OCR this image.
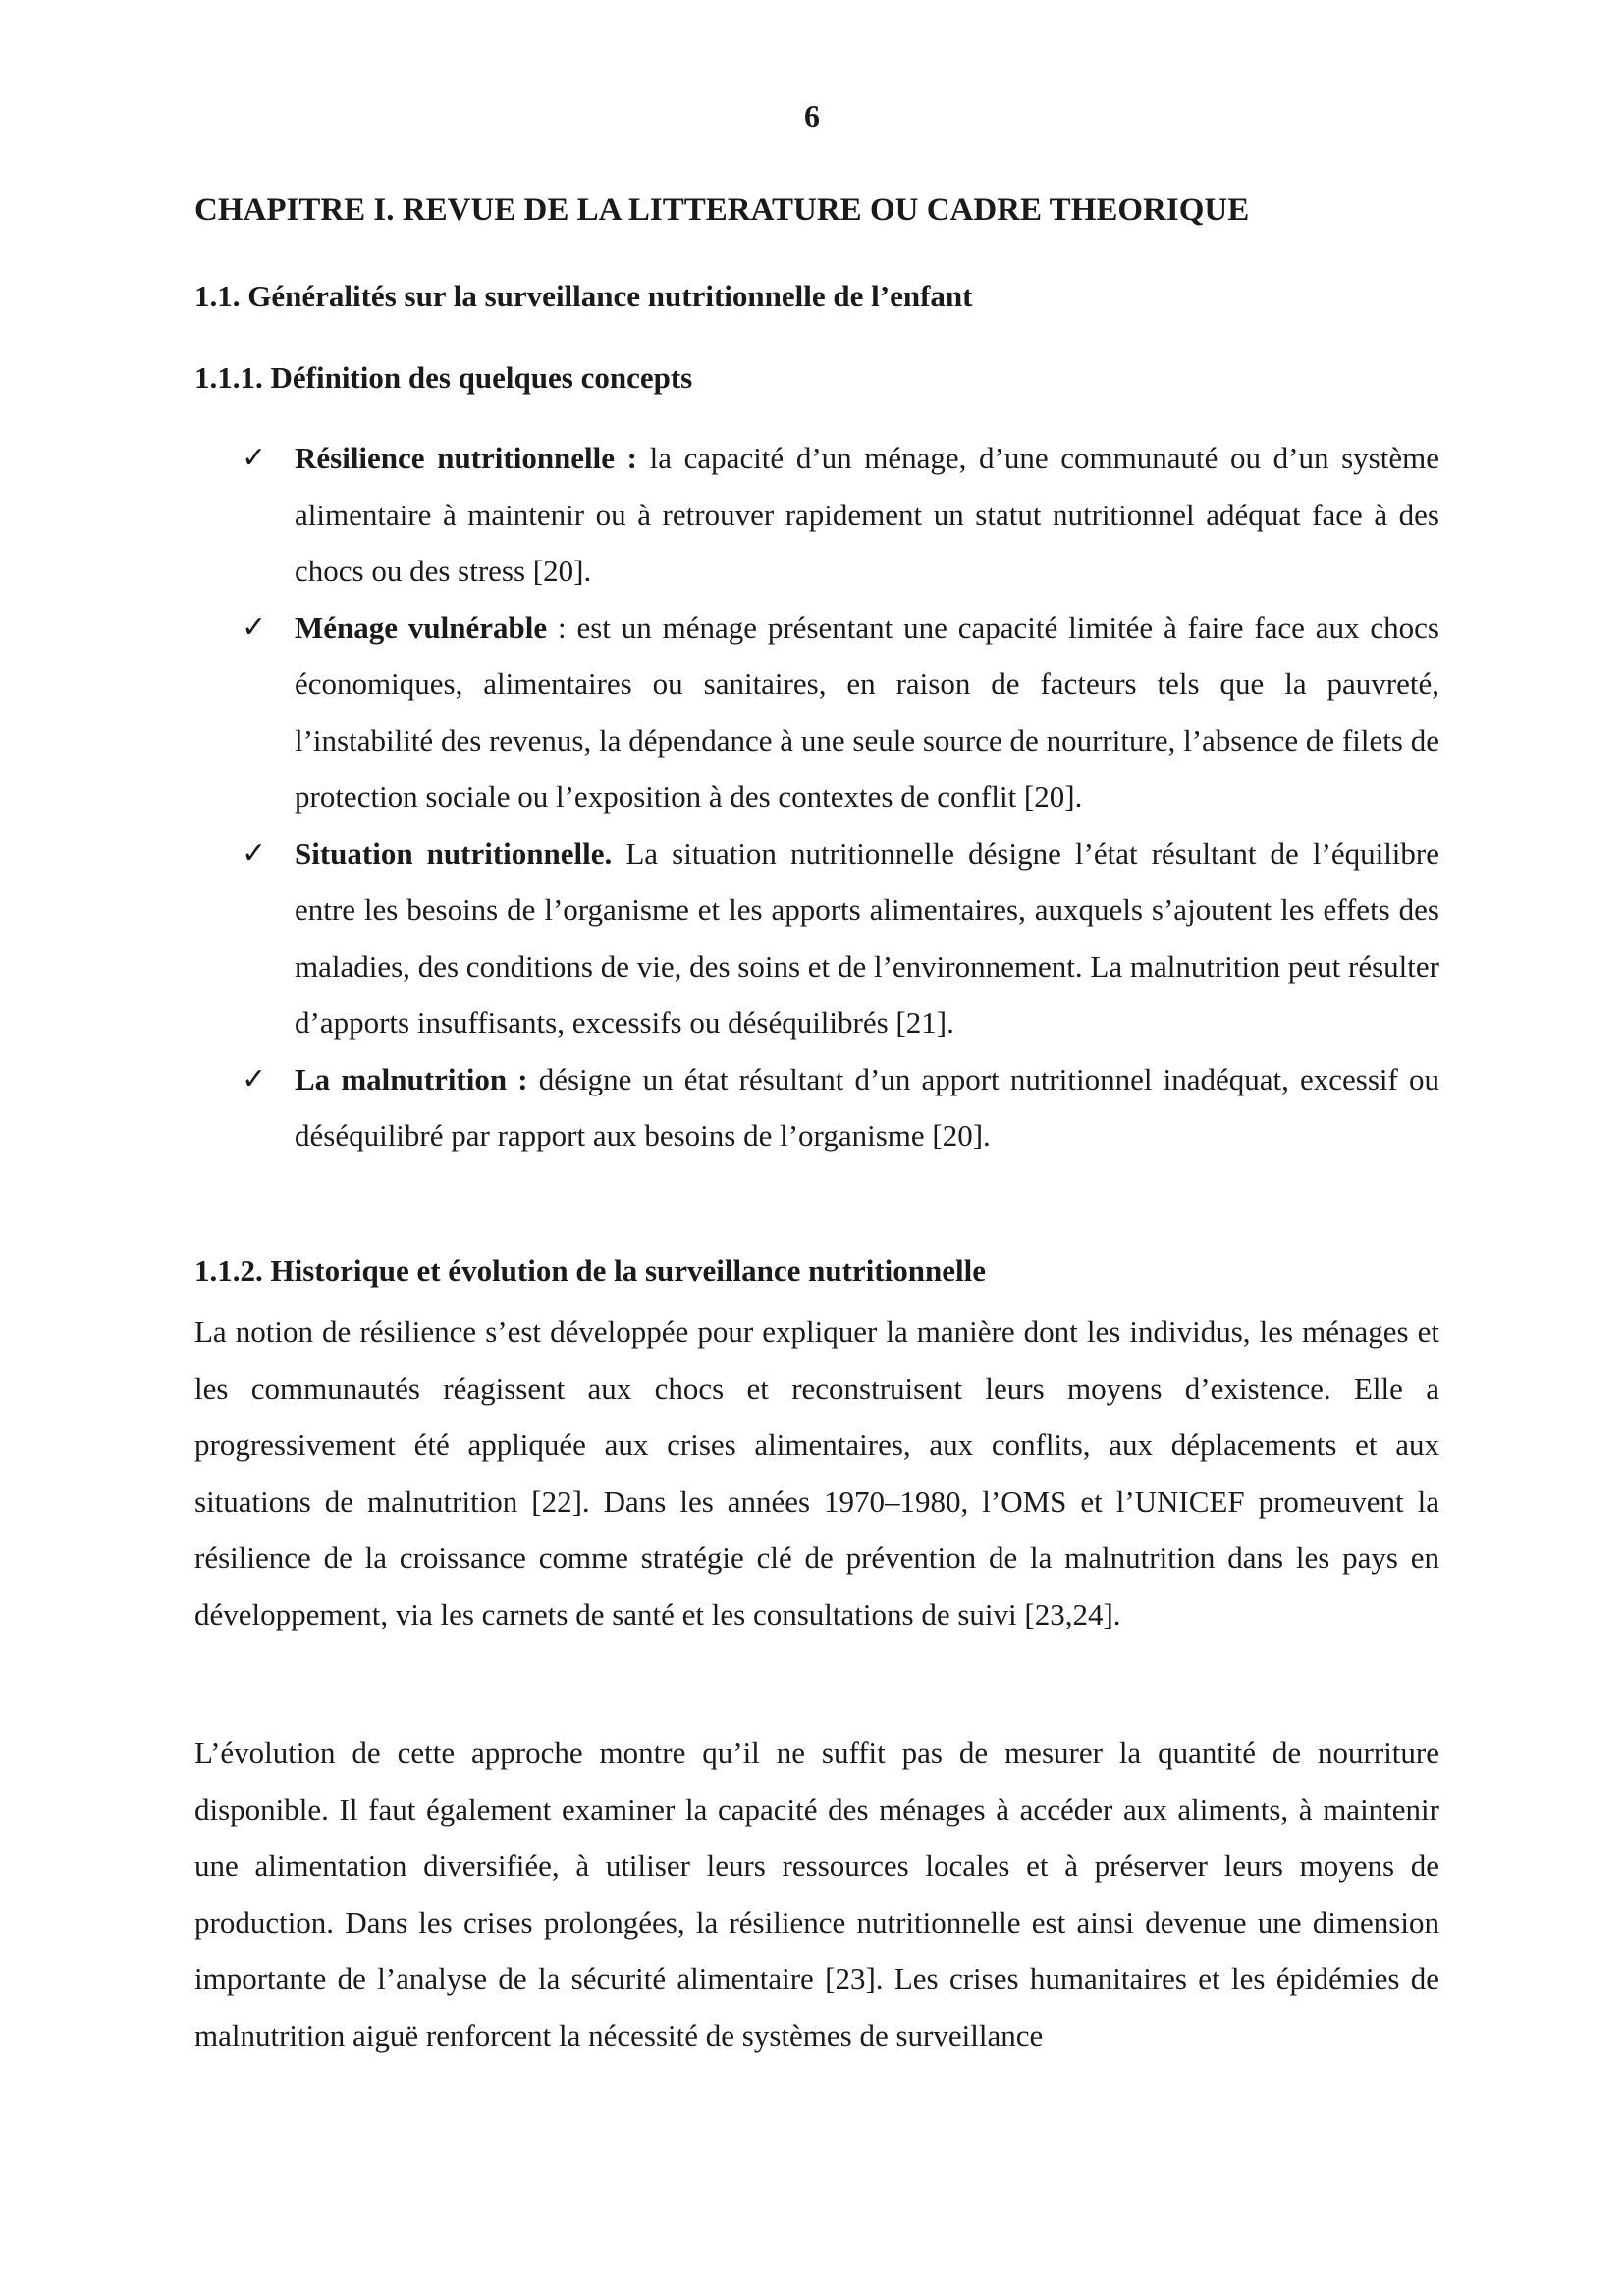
6
CHAPITRE I. REVUE DE LA LITTERATURE OU CADRE THEORIQUE
1.1. Généralités sur la surveillance nutritionnelle de l’enfant
1.1.1. Définition des quelques concepts
✓ Résilience nutritionnelle : la capacité d’un ménage, d’une communauté ou d’un système alimentaire à maintenir ou à retrouver rapidement un statut nutritionnel adéquat face à des chocs ou des stress [20].
✓ Ménage vulnérable : est un ménage présentant une capacité limitée à faire face aux chocs économiques, alimentaires ou sanitaires, en raison de facteurs tels que la pauvreté, l’instabilité des revenus, la dépendance à une seule source de nourriture, l’absence de filets de protection sociale ou l’exposition à des contextes de conflit [20].
✓ Situation nutritionnelle. La situation nutritionnelle désigne l’état résultant de l’équilibre entre les besoins de l’organisme et les apports alimentaires, auxquels s’ajoutent les effets des maladies, des conditions de vie, des soins et de l’environnement. La malnutrition peut résulter d’apports insuffisants, excessifs ou déséquilibrés [21].
✓ La malnutrition : désigne un état résultant d’un apport nutritionnel inadéquat, excessif ou déséquilibré par rapport aux besoins de l’organisme [20].
1.1.2. Historique et évolution de la surveillance nutritionnelle

La notion de résilience s’est développée pour expliquer la manière dont les individus, les ménages et les communautés réagissent aux chocs et reconstruisent leurs moyens d’existence. Elle a progressivement été appliquée aux crises alimentaires, aux conflits, aux déplacements et aux situations de malnutrition [22]. Dans les années 1970–1980, l’OMS et l’UNICEF promeuvent la résilience de la croissance comme stratégie clé de prévention de la malnutrition dans les pays en développement, via les carnets de santé et les consultations de suivi [23,24].

L’évolution de cette approche montre qu’il ne suffit pas de mesurer la quantité de nourriture disponible. Il faut également examiner la capacité des ménages à accéder aux aliments, à maintenir une alimentation diversifiée, à utiliser leurs ressources locales et à préserver leurs moyens de production. Dans les crises prolongées, la résilience nutritionnelle est ainsi devenue une dimension importante de l’analyse de la sécurité alimentaire [23]. Les crises humanitaires et les épidémies de malnutrition aiguë renforcent la nécessité de systèmes de surveillance
